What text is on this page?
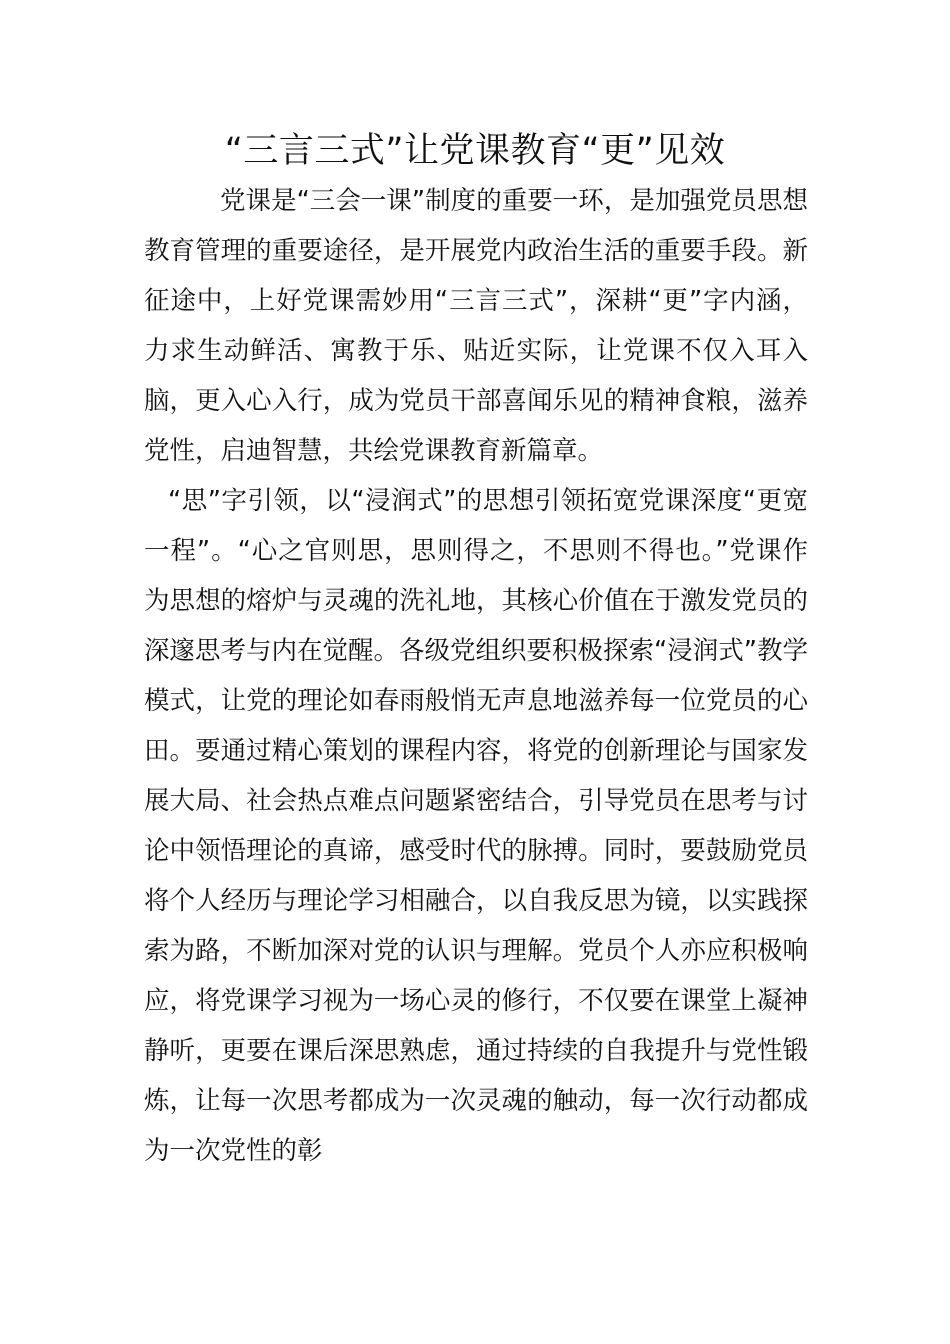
“三言三式”让党课教育“更”见效

党课是“三会一课”制度的重要一环，是加强党员思想教育管理的重要途径，是开展党内政治生活的重要手段。新征途中，上好党课需妙用“三言三式”，深耕“更”字内涵，力求生动鲜活、寓教于乐、贴近实际，让党课不仅入耳入脑，更入心入行，成为党员干部喜闻乐见的精神食粮，滋养党性，启迪智慧，共绘党课教育新篇章。

“思”字引领，以“浸润式”的思想引领拓宽党课深度“更宽一程”。“心之官则思，思则得之，不思则不得也。”党课作为思想的熔炉与灵魂的洗礼地，其核心价值在于激发党员的深邃思考与内在觉醒。各级党组织要积极探索“浸润式”教学模式，让党的理论如春雨般悄无声息地滋养每一位党员的心田。要通过精心策划的课程内容，将党的创新理论与国家发展大局、社会热点难点问题紧密结合，引导党员在思考与讨论中领悟理论的真谛，感受时代的脉搏。同时，要鼓励党员将个人经历与理论学习相融合，以自我反思为镜，以实践探索为路，不断加深对党的认识与理解。党员个人亦应积极响应，将党课学习视为一场心灵的修行，不仅要在课堂上凝神静听，更要在课后深思熟虑，通过持续的自我提升与党性锻炼，让每一次思考都成为一次灵魂的触动，每一次行动都成为一次党性的彰
